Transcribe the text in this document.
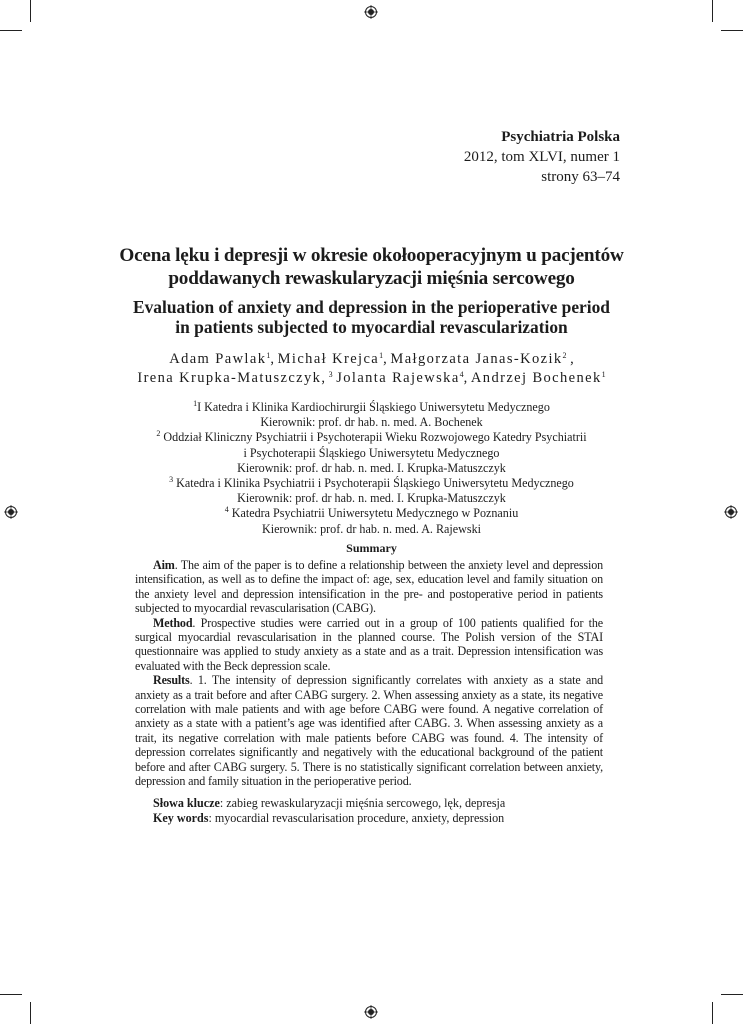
Psychiatria Polska
2012, tom XLVI, numer 1
strony 63–74
Ocena lęku i depresji w okresie okołooperacyjnym u pacjentów
poddawanych rewaskularyzacji mięśnia sercowego
Evaluation of anxiety and depression in the perioperative period
in patients subjected to myocardial revascularization
Adam Pawlak$^1$, Michał Krejca$^1$, Małgorzata Janas-Kozik$^2$ ,
Irena Krupka-Matuszczyk, $^3$ Jolanta Rajewska$^4$, Andrzej Bochenek$^1$
$^1$I Katedra i Klinika Kardiochirurgii Śląskiego Uniwersytetu Medycznego
Kierownik: prof. dr hab. n. med. A. Bochenek
$^2$ Oddział Kliniczny Psychiatrii i Psychoterapii Wieku Rozwojowego Katedry Psychiatrii
i Psychoterapii Śląskiego Uniwersytetu Medycznego
Kierownik: prof. dr hab. n. med. I. Krupka-Matuszczyk
$^3$ Katedra i Klinika Psychiatrii i Psychoterapii Śląskiego Uniwersytetu Medycznego
Kierownik: prof. dr hab. n. med. I. Krupka-Matuszczyk
$^4$ Katedra Psychiatrii Uniwersytetu Medycznego w Poznaniu
Kierownik: prof. dr hab. n. med. A. Rajewski
Summary

Aim. The aim of the paper is to define a relationship between the anxiety level and depression intensification, as well as to define the impact of: age, sex, education level and family situation on the anxiety level and depression intensification in the pre- and postoperative period in patients subjected to myocardial revascularisation (CABG).

Method. Prospective studies were carried out in a group of 100 patients qualified for the surgical myocardial revascularisation in the planned course. The Polish version of the STAI questionnaire was applied to study anxiety as a state and as a trait. Depression intensification was evaluated with the Beck depression scale.

Results. 1. The intensity of depression significantly correlates with anxiety as a state and anxiety as a trait before and after CABG surgery. 2. When assessing anxiety as a state, its negative correlation with male patients and with age before CABG were found. A negative correlation of anxiety as a state with a patient’s age was identified after CABG. 3. When assessing anxiety as a trait, its negative correlation with male patients before CABG was found. 4. The intensity of depression correlates significantly and negatively with the educational background of the patient before and after CABG surgery. 5. There is no statistically significant correlation between anxiety, depression and family situation in the perioperative period.

Słowa klucze: zabieg rewaskularyzacji mięśnia sercowego, lęk, depresja
Key words: myocardial revascularisation procedure, anxiety, depression
